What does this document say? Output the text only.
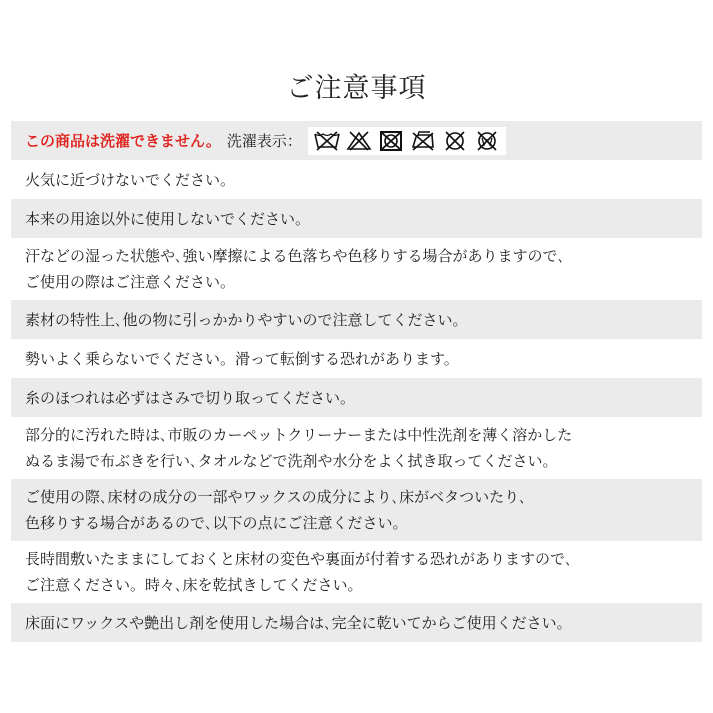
ご注意事項
この商品は洗濯できません。 洗濯表示：
火気に近づけないでください。
本来の用途以外に使用しないでください。
汗などの湿った状態や､強い摩擦による色落ちや色移りする場合がありますので､
ご使用の際はご注意ください。
素材の特性上､他の物に引っかかりやすいので注意してください。
勢いよく乗らないでください。滑って転倒する恐れがあります。
糸のほつれは必ずはさみで切り取ってください。
部分的に汚れた時は､市販のカーペットクリーナーまたは中性洗剤を薄く溶かした
ぬるま湯で布ぶきを行い､タオルなどで洗剤や水分をよく拭き取ってください。
ご使用の際､床材の成分の一部やワックスの成分により､床がベタついたり､
色移りする場合があるので､以下の点にご注意ください。
長時間敷いたままにしておくと床材の変色や裏面が付着する恐れがありますので､
ご注意ください。時々､床を乾拭きしてください。
床面にワックスや艶出し剤を使用した場合は､完全に乾いてからご使用ください。
